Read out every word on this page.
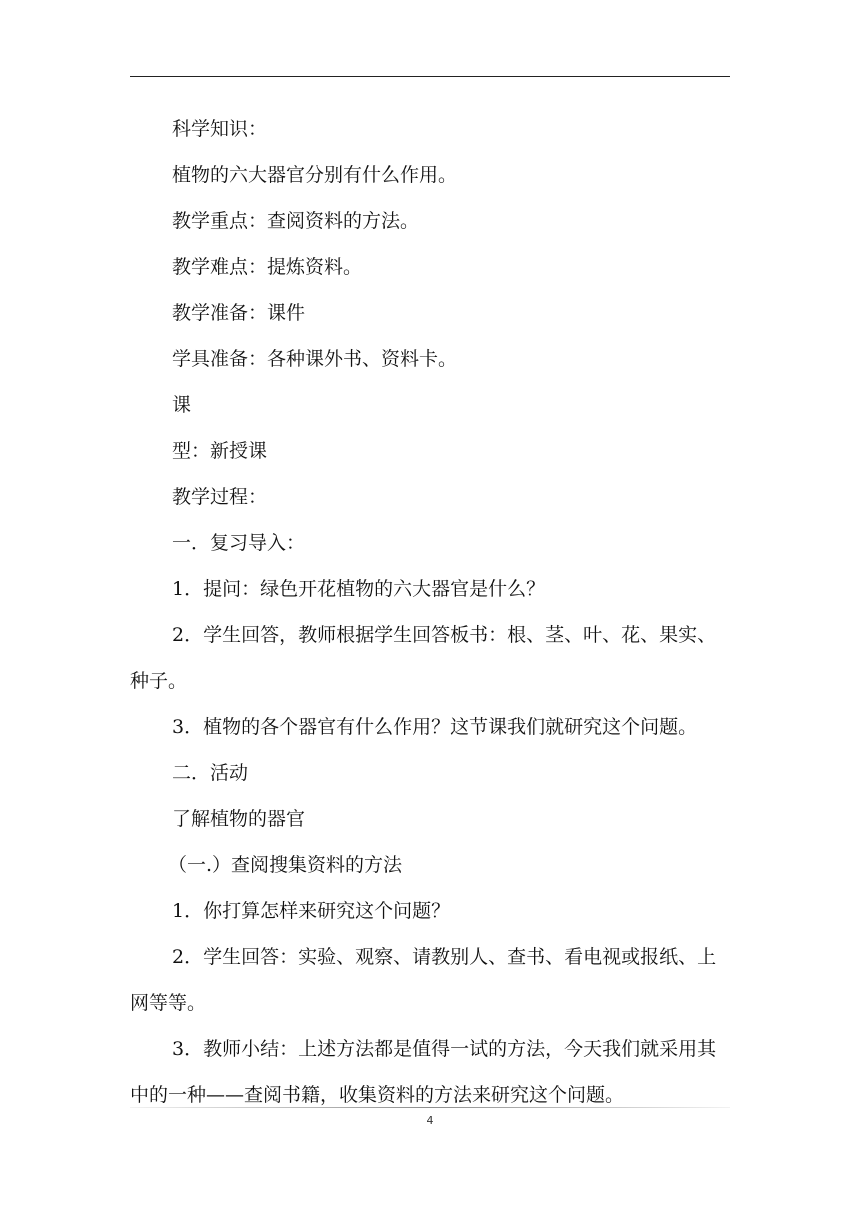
科学知识：

植物的六大器官分别有什么作用。

教学重点：查阅资料的方法。

教学难点：提炼资料。

教学准备：课件

学具准备：各种课外书、资料卡。

课

型：新授课

教学过程：

一．复习导入：

1．提问：绿色开花植物的六大器官是什么？

2．学生回答，教师根据学生回答板书：根、茎、叶、花、果实、种子。

3．植物的各个器官有什么作用？这节课我们就研究这个问题。

二．活动

了解植物的器官

（一.）查阅搜集资料的方法

1．你打算怎样来研究这个问题？

2．学生回答：实验、观察、请教别人、查书、看电视或报纸、上网等等。

3．教师小结：上述方法都是值得一试的方法，今天我们就采用其中的一种——查阅书籍，收集资料的方法来研究这个问题。

4
